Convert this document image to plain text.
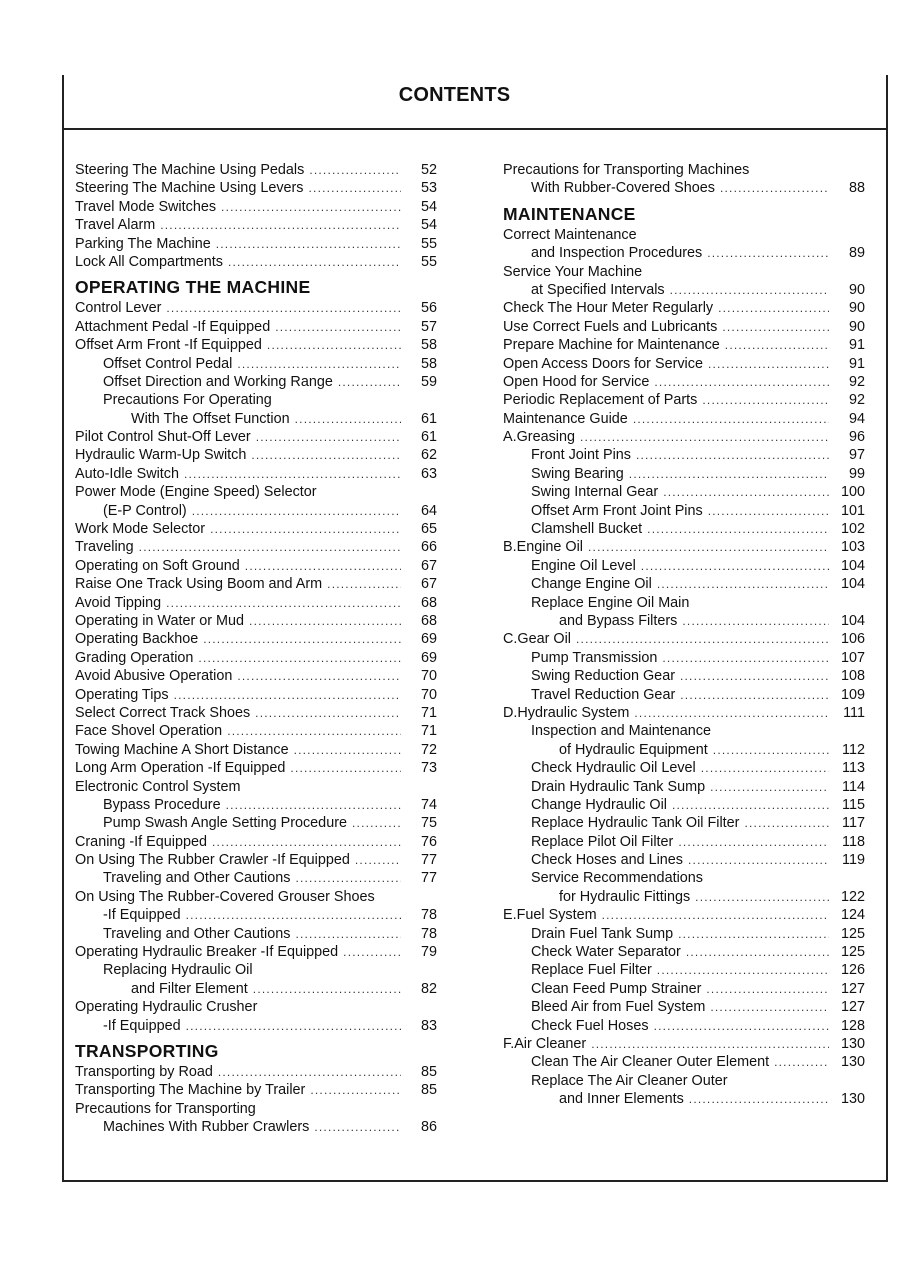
CONTENTS
Steering The Machine Using Pedals .....	52
Steering The Machine Using Levers .....	53
Travel Mode Switches .....	54
Travel Alarm .....	54
Parking The Machine .....	55
Lock All Compartments .....	55
OPERATING THE MACHINE
Control Lever .....	56
Attachment Pedal -If Equipped .....	57
Offset Arm Front -If Equipped .....	58
Offset Control Pedal .....	58
Offset Direction and Working Range .....	59
Precautions For Operating
With The Offset Function .....	61
Pilot Control Shut-Off Lever .....	61
Hydraulic Warm-Up Switch .....	62
Auto-Idle Switch .....	63
Power Mode (Engine Speed) Selector
(E-P Control) .....	64
Work Mode Selector .....	65
Traveling .....	66
Operating on Soft Ground .....	67
Raise One Track Using Boom and Arm .....	67
Avoid Tipping .....	68
Operating in Water or Mud .....	68
Operating Backhoe .....	69
Grading Operation .....	69
Avoid Abusive Operation .....	70
Operating Tips .....	70
Select Correct Track Shoes .....	71
Face Shovel Operation .....	71
Towing Machine A Short Distance .....	72
Long Arm Operation -If Equipped .....	73
Electronic Control System
Bypass Procedure .....	74
Pump Swash Angle Setting Procedure .....	75
Craning -If Equipped .....	76
On Using The Rubber Crawler -If Equipped .....	77
Traveling and Other Cautions .....	77
On Using The Rubber-Covered Grouser Shoes
-If Equipped .....	78
Traveling and Other Cautions .....	78
Operating Hydraulic Breaker -If Equipped .....	79
Replacing Hydraulic Oil
and Filter Element .....	82
Operating Hydraulic Crusher
-If Equipped .....	83
TRANSPORTING
Transporting by Road .....	85
Transporting The Machine by Trailer .....	85
Precautions for Transporting
Machines With Rubber Crawlers .....	86
Precautions for Transporting Machines
With Rubber-Covered Shoes .....	88
MAINTENANCE
Correct Maintenance
and Inspection Procedures .....	89
Service Your Machine
at Specified Intervals .....	90
Check The Hour Meter Regularly .....	90
Use Correct Fuels and Lubricants .....	90
Prepare Machine for Maintenance .....	91
Open Access Doors for Service .....	91
Open Hood for Service .....	92
Periodic Replacement of Parts .....	92
Maintenance Guide .....	94
A. Greasing .....	96
Front Joint Pins .....	97
Swing Bearing .....	99
Swing Internal Gear .....	100
Offset Arm Front Joint Pins .....	101
Clamshell Bucket .....	102
B. Engine Oil .....	103
Engine Oil Level .....	104
Change Engine Oil .....	104
Replace Engine Oil Main
and Bypass Filters .....	104
C. Gear Oil .....	106
Pump Transmission .....	107
Swing Reduction Gear .....	108
Travel Reduction Gear .....	109
D. Hydraulic System .....	111
Inspection and Maintenance
of Hydraulic Equipment .....	112
Check Hydraulic Oil Level .....	113
Drain Hydraulic Tank Sump .....	114
Change Hydraulic Oil .....	115
Replace Hydraulic Tank Oil Filter .....	117
Replace Pilot Oil Filter .....	118
Check Hoses and Lines .....	119
Service Recommendations
for Hydraulic Fittings .....	122
E. Fuel System .....	124
Drain Fuel Tank Sump .....	125
Check Water Separator .....	125
Replace Fuel Filter .....	126
Clean Feed Pump Strainer .....	127
Bleed Air from Fuel System .....	127
Check Fuel Hoses .....	128
F. Air Cleaner .....	130
Clean The Air Cleaner Outer Element .....	130
Replace The Air Cleaner Outer
and Inner Elements .....	130
